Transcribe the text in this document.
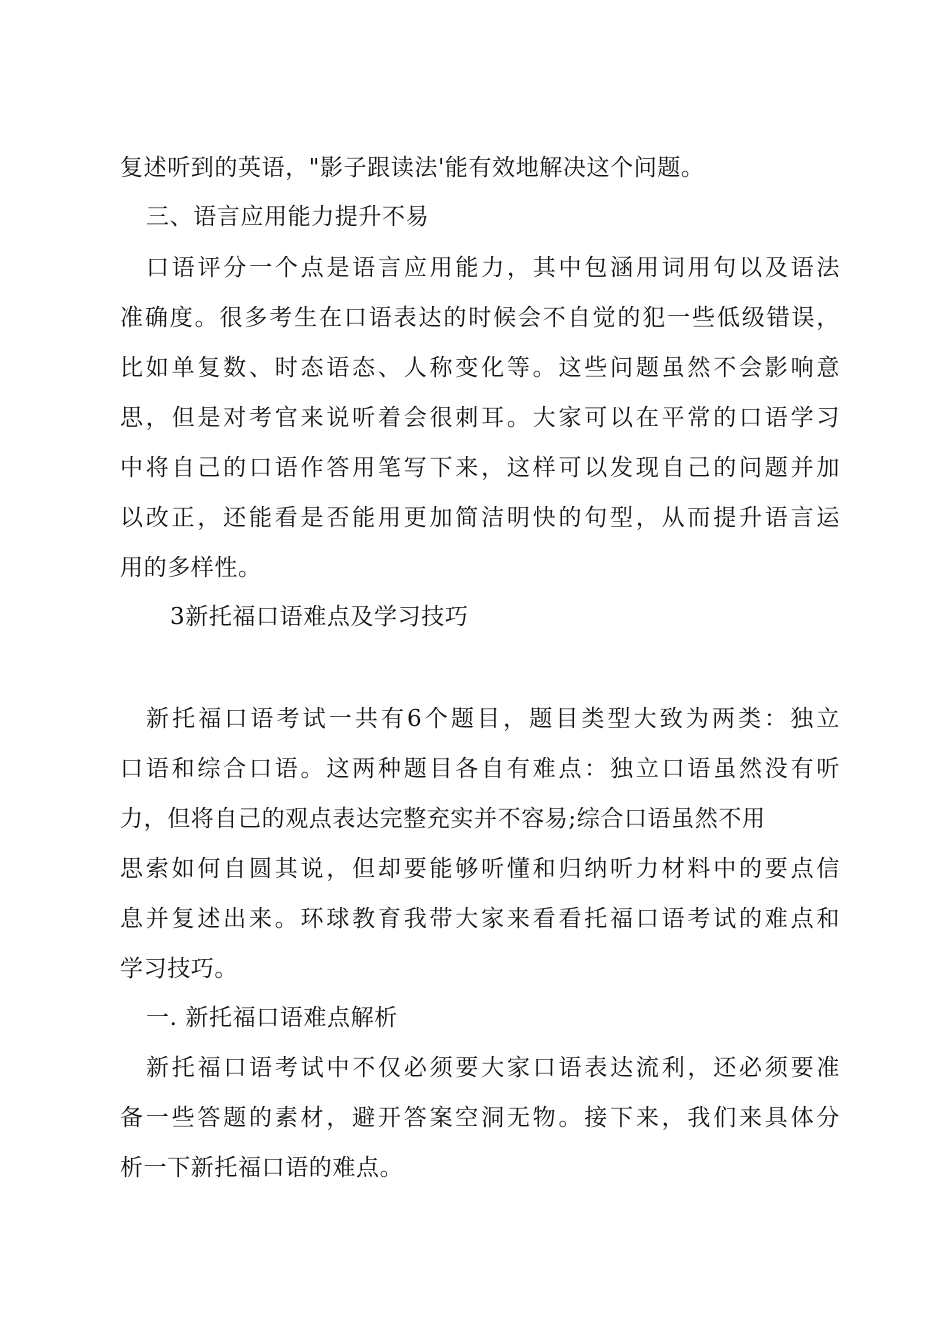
复述听到的英语，"影子跟读法'能有效地解决这个问题。
三、语言应用能力提升不易
口语评分一个点是语言应用能力，其中包涵用词用句以及语法
准确度。很多考生在口语表达的时候会不自觉的犯一些低级错误，
比如单复数、时态语态、人称变化等。这些问题虽然不会影响意
思，但是对考官来说听着会很刺耳。大家可以在平常的口语学习
中将自己的口语作答用笔写下来，这样可以发现自己的问题并加
以改正，还能看是否能用更加简洁明快的句型，从而提升语言运
用的多样性。
3新托福口语难点及学习技巧
新托福口语考试一共有6个题目，题目类型大致为两类：独立
口语和综合口语。这两种题目各自有难点：独立口语虽然没有听
力，但将自己的观点表达完整充实并不容易;综合口语虽然不用
思索如何自圆其说，但却要能够听懂和归纳听力材料中的要点信
息并复述出来。环球教育我带大家来看看托福口语考试的难点和
学习技巧。
一. 新托福口语难点解析
新托福口语考试中不仅必须要大家口语表达流利，还必须要准
备一些答题的素材，避开答案空洞无物。接下来，我们来具体分
析一下新托福口语的难点。
